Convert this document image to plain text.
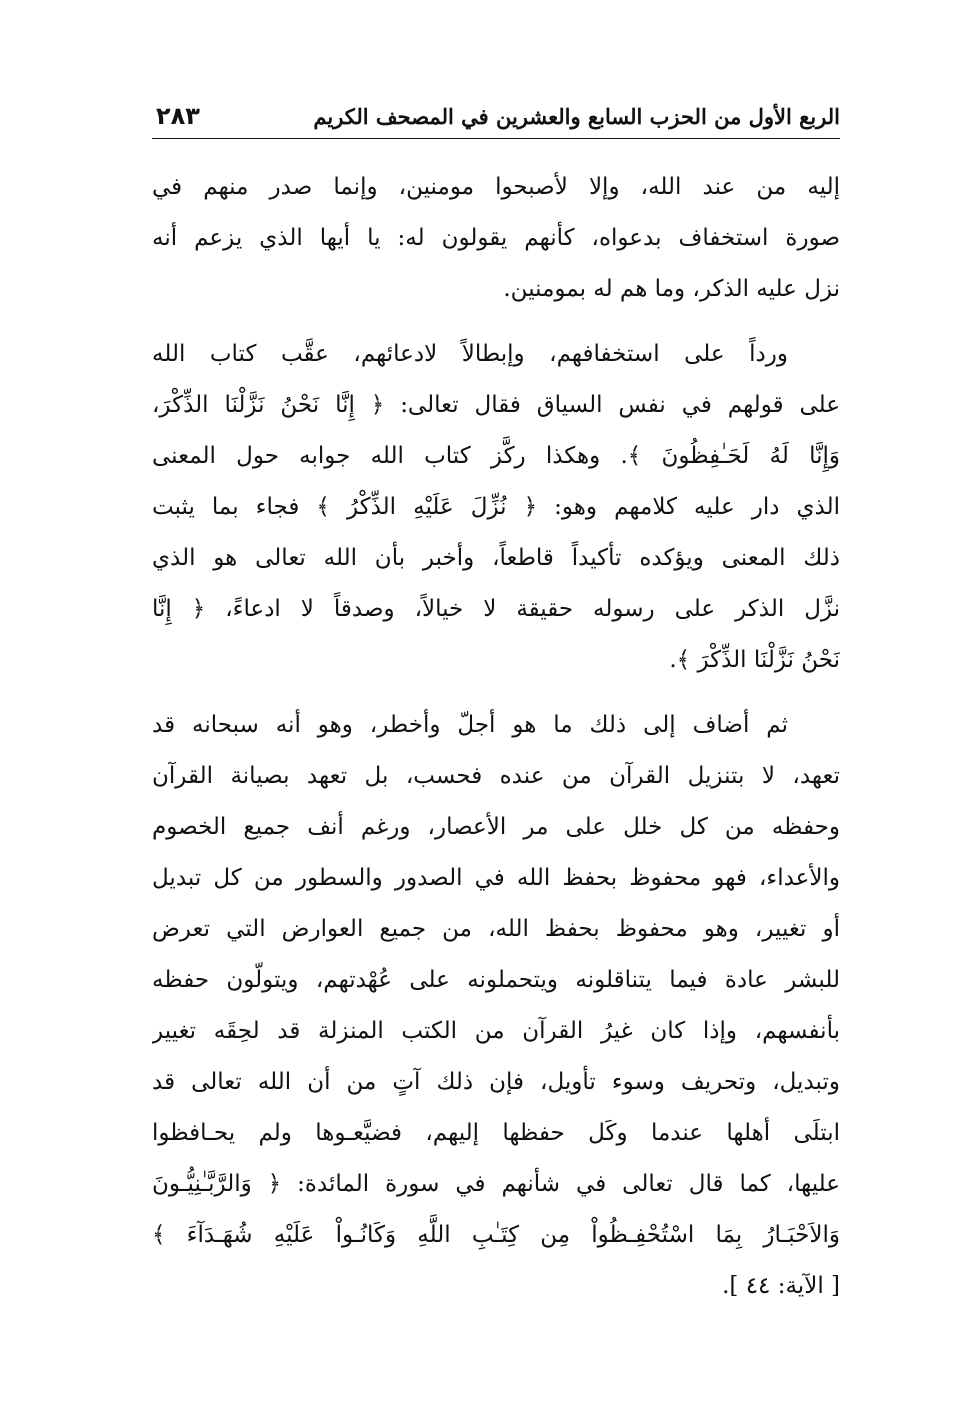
الربع الأول من الحزب السابع والعشرين في المصحف الكريم
٢٨٣
إليه من عند الله، وإلا لأصبحوا مومنين، وإنما صدر منهم في
صورة استخفاف بدعواه، كأنهم يقولون له: يا أيها الذي يزعم أنه
نزل عليه الذكر، وما هم له بمومنين.
ورداً على استخفافهم، وإبطالاً لادعائهم، عقَّب كتاب الله
على قولهم في نفس السياق فقال تعالى: ﴿ إِنَّا نَحْنُ نَزَّلْنَا الذِّكْرَ،
وَإِنَّا لَهُ لَحَـٰفِظُونَ ﴾. وهكذا ركَّز كتاب الله جوابه حول المعنى
الذي دار عليه كلامهم وهو: ﴿ نُزِّلَ عَلَيْهِ الذِّكْرُ ﴾ فجاء بما يثبت
ذلك المعنى ويؤكده تأكيداً قاطعاً، وأخبر بأن الله تعالى هو الذي
نزَّل الذكر على رسوله حقيقة لا خيالاً، وصدقاً لا ادعاءً، ﴿ إِنَّا
نَحْنُ نَزَّلْنَا الذِّكْرَ ﴾.
ثم أضاف إلى ذلك ما هو أجلّ وأخطر، وهو أنه سبحانه قد
تعهد، لا بتنزيل القرآن من عنده فحسب، بل تعهد بصيانة القرآن
وحفظه من كل خلل على مر الأعصار، ورغم أنف جميع الخصوم
والأعداء، فهو محفوظ بحفظ الله في الصدور والسطور من كل تبديل
أو تغيير، وهو محفوظ بحفظ الله، من جميع العوارض التي تعرض
للبشر عادة فيما يتناقلونه ويتحملونه على عُهْدتهم، ويتولّون حفظه
بأنفسهم، وإذا كان غيرُ القرآن من الكتب المنزلة قد لحِقَه تغيير
وتبديل، وتحريف وسوء تأويل، فإن ذلك آتٍ من أن الله تعالى قد
ابتلَى أهلها عندما وكَل حفظها إليهم، فضيَّعـوها ولم يحـافظوا
عليها، كما قال تعالى في شأنهم في سورة المائدة: ﴿ وَالرَّبَّـٰنِيُّـونَ
وَالاَحْبَـارُ بِمَا اسْتُحْفِـظُواْ مِن كِتَـٰبِ اللَّهِ وَكَانُـواْ عَلَيْهِ شُهَـدَآءَ ﴾
[ الآية: ٤٤ ].
